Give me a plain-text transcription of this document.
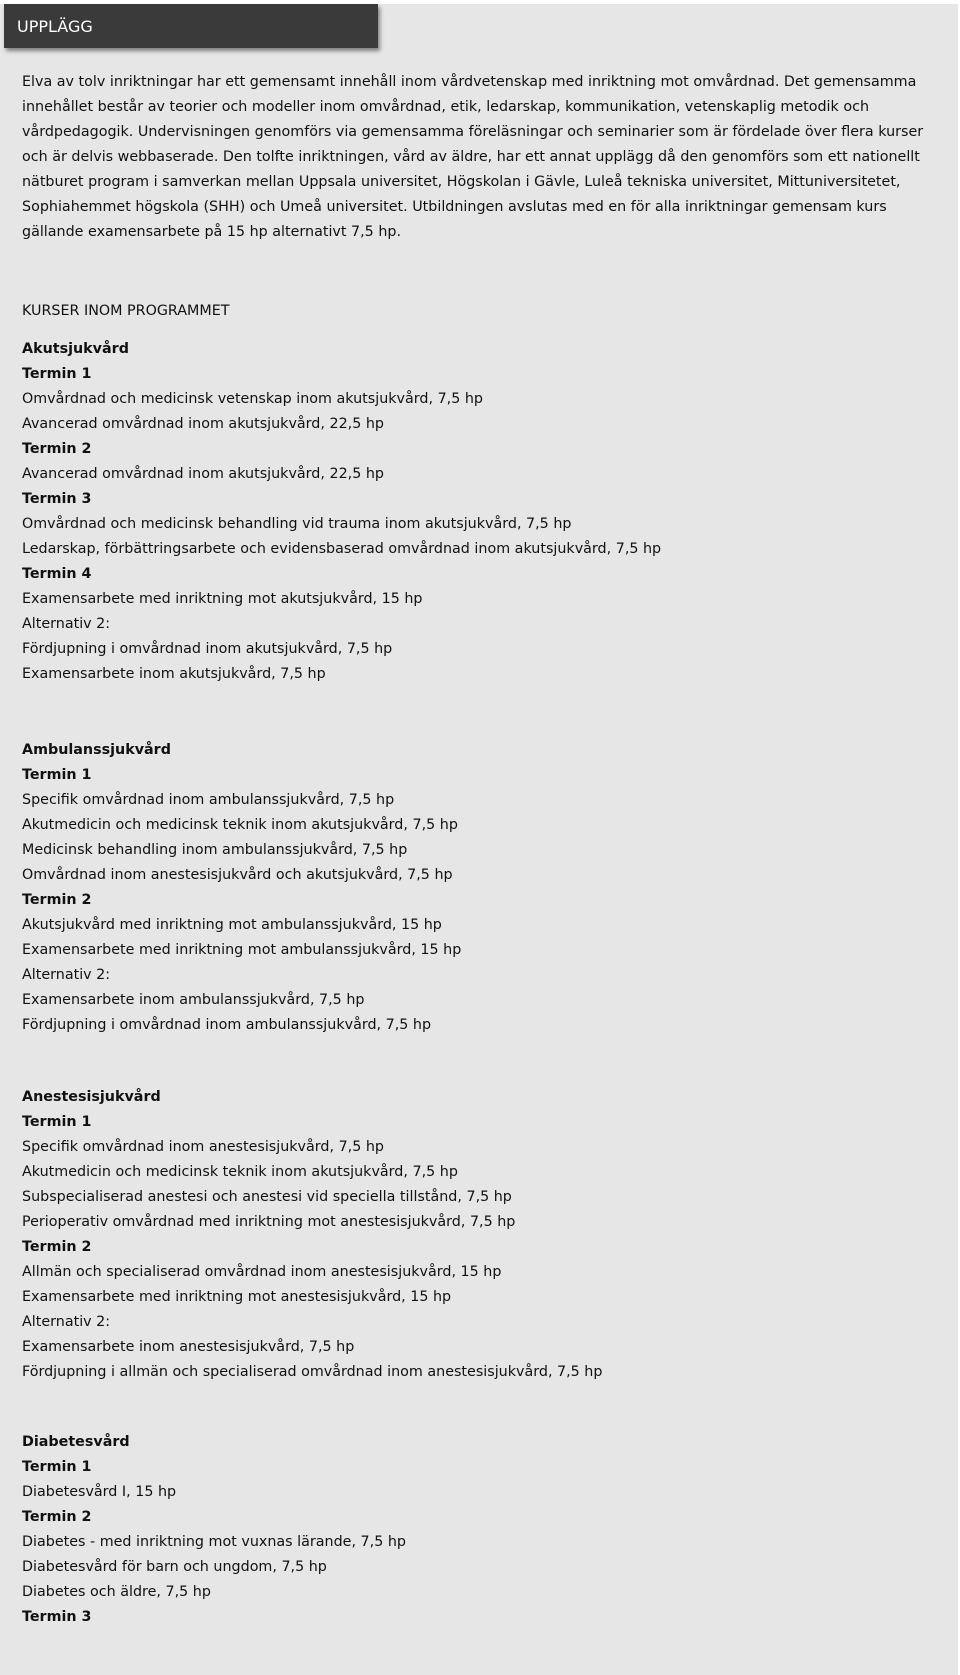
UPPLÄGG

Elva av tolv inriktningar har ett gemensamt innehåll inom vårdvetenskap med inriktning mot omvårdnad. Det gemensamma innehållet består av teorier och modeller inom omvårdnad, etik, ledarskap, kommunikation, vetenskaplig metodik och vårdpedagogik. Undervisningen genomförs via gemensamma föreläsningar och seminarier som är fördelade över flera kurser och är delvis webbaserade. Den tolfte inriktningen, vård av äldre, har ett annat upplägg då den genomförs som ett nationellt nätburet program i samverkan mellan Uppsala universitet, Högskolan i Gävle, Luleå tekniska universitet, Mittuniversitetet, Sophiahemmet högskola (SHH) och Umeå universitet. Utbildningen avslutas med en för alla inriktningar gemensam kurs gällande examensarbete på 15 hp alternativt 7,5 hp.

KURSER INOM PROGRAMMET
Akutsjukvård
Termin 1
Omvårdnad och medicinsk vetenskap inom akutsjukvård, 7,5 hp
Avancerad omvårdnad inom akutsjukvård, 22,5 hp
Termin 2
Avancerad omvårdnad inom akutsjukvård, 22,5 hp
Termin 3
Omvårdnad och medicinsk behandling vid trauma inom akutsjukvård, 7,5 hp
Ledarskap, förbättringsarbete och evidensbaserad omvårdnad inom akutsjukvård, 7,5 hp
Termin 4
Examensarbete med inriktning mot akutsjukvård, 15 hp
Alternativ 2:
Fördjupning i omvårdnad inom akutsjukvård, 7,5 hp
Examensarbete inom akutsjukvård, 7,5 hp
Ambulanssjukvård
Termin 1
Specifik omvårdnad inom ambulanssjukvård, 7,5 hp
Akutmedicin och medicinsk teknik inom akutsjukvård, 7,5 hp
Medicinsk behandling inom ambulanssjukvård, 7,5 hp
Omvårdnad inom anestesisjukvård och akutsjukvård, 7,5 hp
Termin 2
Akutsjukvård med inriktning mot ambulanssjukvård, 15 hp
Examensarbete med inriktning mot ambulanssjukvård, 15 hp
Alternativ 2:
Examensarbete inom ambulanssjukvård, 7,5 hp
Fördjupning i omvårdnad inom ambulanssjukvård, 7,5 hp
Anestesisjukvård
Termin 1
Specifik omvårdnad inom anestesisjukvård, 7,5 hp
Akutmedicin och medicinsk teknik inom akutsjukvård, 7,5 hp
Subspecialiserad anestesi och anestesi vid speciella tillstånd, 7,5 hp
Perioperativ omvårdnad med inriktning mot anestesisjukvård, 7,5 hp
Termin 2
Allmän och specialiserad omvårdnad inom anestesisjukvård, 15 hp
Examensarbete med inriktning mot anestesisjukvård, 15 hp
Alternativ 2:
Examensarbete inom anestesisjukvård, 7,5 hp
Fördjupning i allmän och specialiserad omvårdnad inom anestesisjukvård, 7,5 hp
Diabetesvård
Termin 1
Diabetesvård I, 15 hp
Termin 2
Diabetes - med inriktning mot vuxnas lärande, 7,5 hp
Diabetesvård för barn och ungdom, 7,5 hp
Diabetes och äldre, 7,5 hp
Termin 3
